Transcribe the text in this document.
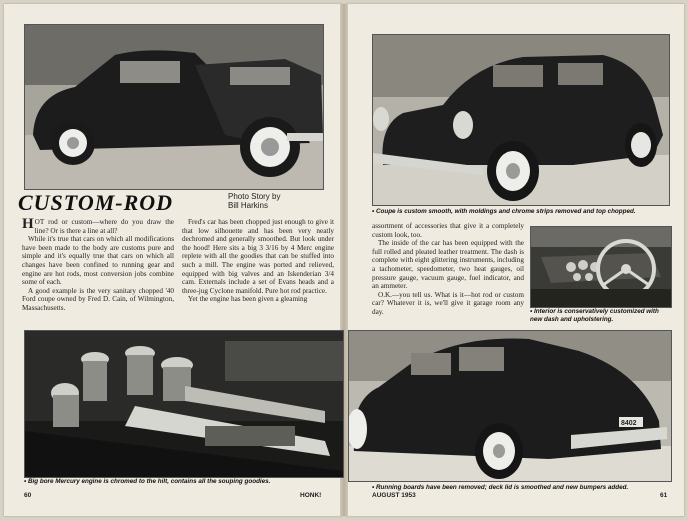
CUSTOM-ROD	Photo Story by
Bill Harkins

HOT rod or custom—where do you draw the line? Or is there a line at all?

While it's true that cars on which all modifications have been made to the body are customs pure and simple and it's equally true that cars on which all changes have been confined to running gear and engine are hot rods, most conversion jobs combine some of each.

A good example is the very sanitary chopped '40 Ford coupe owned by Fred D. Cain, of Wilmington, Massachusetts.

Fred's car has been chopped just enough to give it that low silhouette and has been very neatly dechromed and generally smoothed. But look under the hood! Here sits a big 3 3/16 by 4 Merc engine replete with all the goodies that can be stuffed into such a mill. The engine was ported and relieved, equipped with big valves and an Iskenderian 3/4 cam. Externals include a set of Evans heads and a three-jug Cyclone manifold. Pure hot rod practice.

Yet the engine has been given a gleaming

• Big bore Mercury engine is chromed to the hilt, contains all the souping goodies.
60	HONK!
• Coupe is custom smooth, with moldings and chrome strips removed and top chopped.

assortment of accessories that give it a completely custom look, too.

The inside of the car has been equipped with the full rolled and pleated leather treatment. The dash is complete with eight glittering instruments, including a tachometer, speedometer, two heat gauges, oil pressure gauge, vacuum gauge, fuel indicator, and an ammeter.

O.K.—you tell us. What is it—hot rod or custom car? Whatever it is, we'll give it garage room any day.	• Interior is conservatively customized with new dash and upholstering.
8402
• Running boards have been removed; deck lid is smoothed and new bumpers added.
AUGUST 1953	61
